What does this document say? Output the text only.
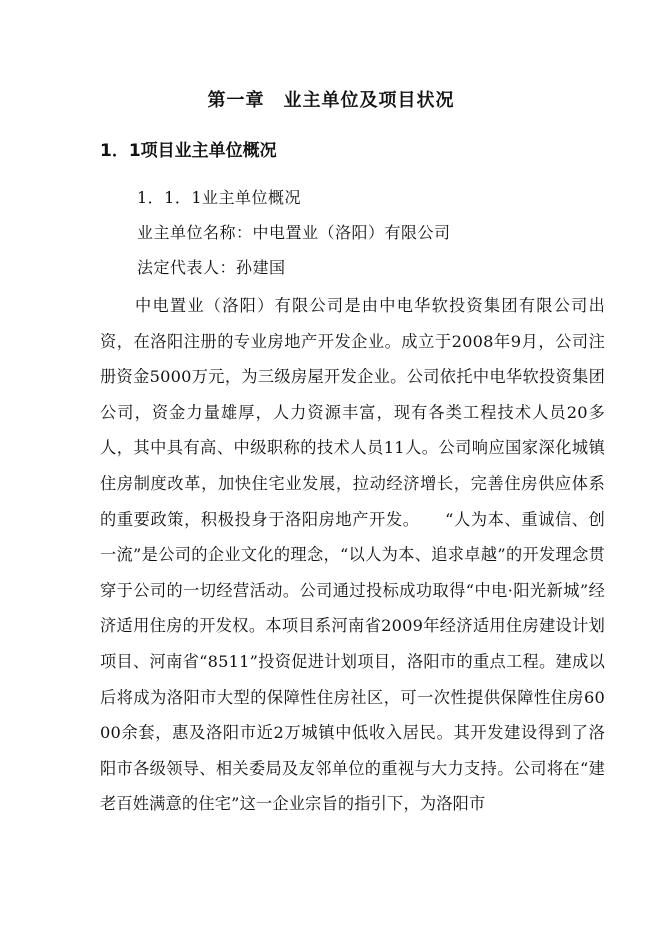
第一章　业主单位及项目状况
1．1项目业主单位概况

1．1．1业主单位概况

业主单位名称：中电置业（洛阳）有限公司

法定代表人：孙建国

中电置业（洛阳）有限公司是由中电华软投资集团有限公司出资，在洛阳注册的专业房地产开发企业。成立于2008年9月，公司注册资金5000万元，为三级房屋开发企业。公司依托中电华软投资集团公司，资金力量雄厚，人力资源丰富，现有各类工程技术人员20多人，其中具有高、中级职称的技术人员11人。公司响应国家深化城镇住房制度改革，加快住宅业发展，拉动经济增长，完善住房供应体系的重要政策，积极投身于洛阳房地产开发。　　“人为本、重诚信、创一流”是公司的企业文化的理念，“以人为本、追求卓越”的开发理念贯穿于公司的一切经营活动。公司通过投标成功取得“中电·阳光新城”经济适用住房的开发权。本项目系河南省2009年经济适用住房建设计划项目、河南省“8511”投资促进计划项目，洛阳市的重点工程。建成以后将成为洛阳市大型的保障性住房社区，可一次性提供保障性住房6000余套，惠及洛阳市近2万城镇中低收入居民。其开发建设得到了洛阳市各级领导、相关委局及友邻单位的重视与大力支持。公司将在“建老百姓满意的住宅”这一企业宗旨的指引下，为洛阳市
